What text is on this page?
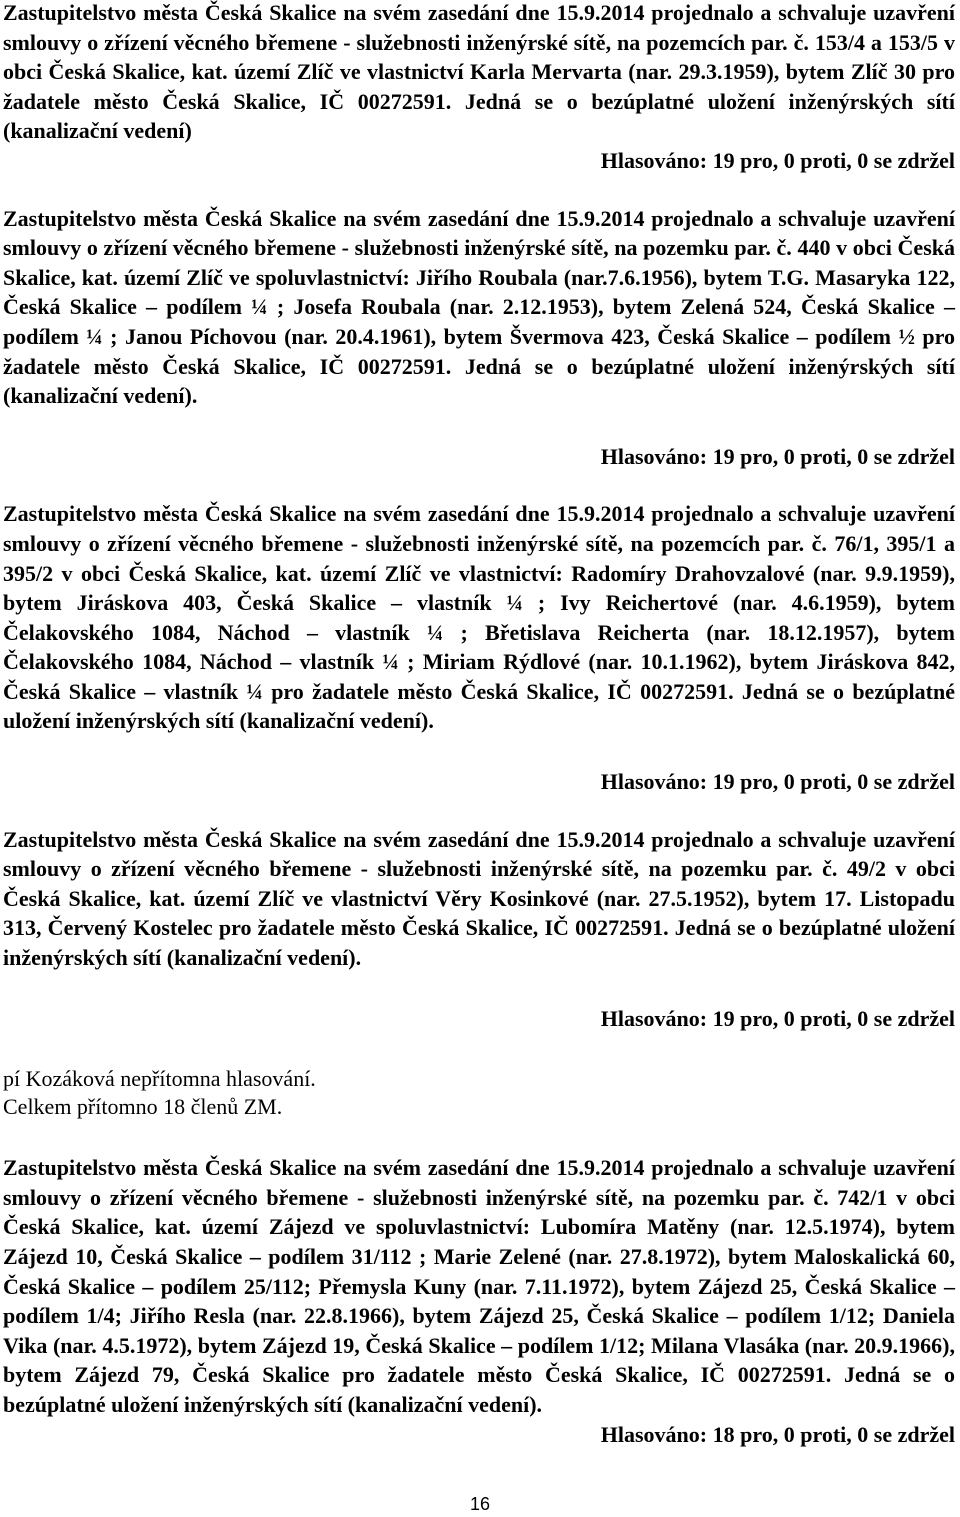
Zastupitelstvo města Česká Skalice na svém zasedání dne 15.9.2014 projednalo a schvaluje uzavření smlouvy o zřízení věcného břemene - služebnosti inženýrské sítě, na pozemcích par. č. 153/4 a 153/5 v obci Česká Skalice, kat. území Zlíč ve vlastnictví Karla Mervarta (nar. 29.3.1959), bytem Zlíč 30 pro žadatele město Česká Skalice, IČ 00272591. Jedná se o bezúplatné uložení inženýrských sítí (kanalizační vedení)

Hlasováno: 19 pro, 0 proti, 0 se zdržel

Zastupitelstvo města Česká Skalice na svém zasedání dne 15.9.2014 projednalo a schvaluje uzavření smlouvy o zřízení věcného břemene - služebnosti inženýrské sítě, na pozemku par. č. 440 v obci Česká Skalice, kat. území Zlíč ve spoluvlastnictví: Jiřího Roubala (nar.7.6.1956), bytem T.G. Masaryka 122, Česká Skalice – podílem ¼ ; Josefa Roubala (nar. 2.12.1953), bytem Zelená 524, Česká Skalice – podílem ¼ ; Janou Píchovou (nar. 20.4.1961), bytem Švermova 423, Česká Skalice – podílem ½ pro žadatele město Česká Skalice, IČ 00272591. Jedná se o bezúplatné uložení inženýrských sítí (kanalizační vedení).

Hlasováno: 19 pro, 0 proti, 0 se zdržel

Zastupitelstvo města Česká Skalice na svém zasedání dne 15.9.2014 projednalo a schvaluje uzavření smlouvy o zřízení věcného břemene - služebnosti inženýrské sítě, na pozemcích par. č. 76/1, 395/1 a 395/2 v obci Česká Skalice, kat. území Zlíč ve vlastnictví: Radomíry Drahovzalové (nar. 9.9.1959), bytem Jiráskova 403, Česká Skalice – vlastník ¼ ; Ivy Reichertové (nar. 4.6.1959), bytem Čelakovského 1084, Náchod – vlastník ¼ ; Břetislava Reicherta (nar. 18.12.1957), bytem Čelakovského 1084, Náchod – vlastník ¼ ; Miriam Rýdlové (nar. 10.1.1962), bytem Jiráskova 842, Česká Skalice – vlastník ¼ pro žadatele město Česká Skalice, IČ 00272591. Jedná se o bezúplatné uložení inženýrských sítí (kanalizační vedení).

Hlasováno: 19 pro, 0 proti, 0 se zdržel

Zastupitelstvo města Česká Skalice na svém zasedání dne 15.9.2014 projednalo a schvaluje uzavření smlouvy o zřízení věcného břemene - služebnosti inženýrské sítě, na pozemku par. č. 49/2 v obci Česká Skalice, kat. území Zlíč ve vlastnictví Věry Kosinkové (nar. 27.5.1952), bytem 17. Listopadu 313, Červený Kostelec pro žadatele město Česká Skalice, IČ 00272591. Jedná se o bezúplatné uložení inženýrských sítí (kanalizační vedení).

Hlasováno: 19 pro, 0 proti, 0 se zdržel

pí Kozáková nepřítomna hlasování.

Celkem přítomno 18 členů ZM.

Zastupitelstvo města Česká Skalice na svém zasedání dne 15.9.2014 projednalo a schvaluje uzavření smlouvy o zřízení věcného břemene - služebnosti inženýrské sítě, na pozemku par. č. 742/1 v obci Česká Skalice, kat. území Zájezd ve spoluvlastnictví: Lubomíra Matěny (nar. 12.5.1974), bytem Zájezd 10, Česká Skalice – podílem 31/112 ; Marie Zelené (nar. 27.8.1972), bytem Maloskalická 60, Česká Skalice – podílem 25/112; Přemysla Kuny (nar. 7.11.1972), bytem Zájezd 25, Česká Skalice – podílem 1/4; Jiřího Resla (nar. 22.8.1966), bytem Zájezd 25, Česká Skalice – podílem 1/12; Daniela Vika (nar. 4.5.1972), bytem Zájezd 19, Česká Skalice – podílem 1/12; Milana Vlasáka (nar. 20.9.1966), bytem Zájezd 79, Česká Skalice pro žadatele město Česká Skalice, IČ 00272591. Jedná se o bezúplatné uložení inženýrských sítí (kanalizační vedení).

Hlasováno: 18 pro, 0 proti, 0 se zdržel

16
